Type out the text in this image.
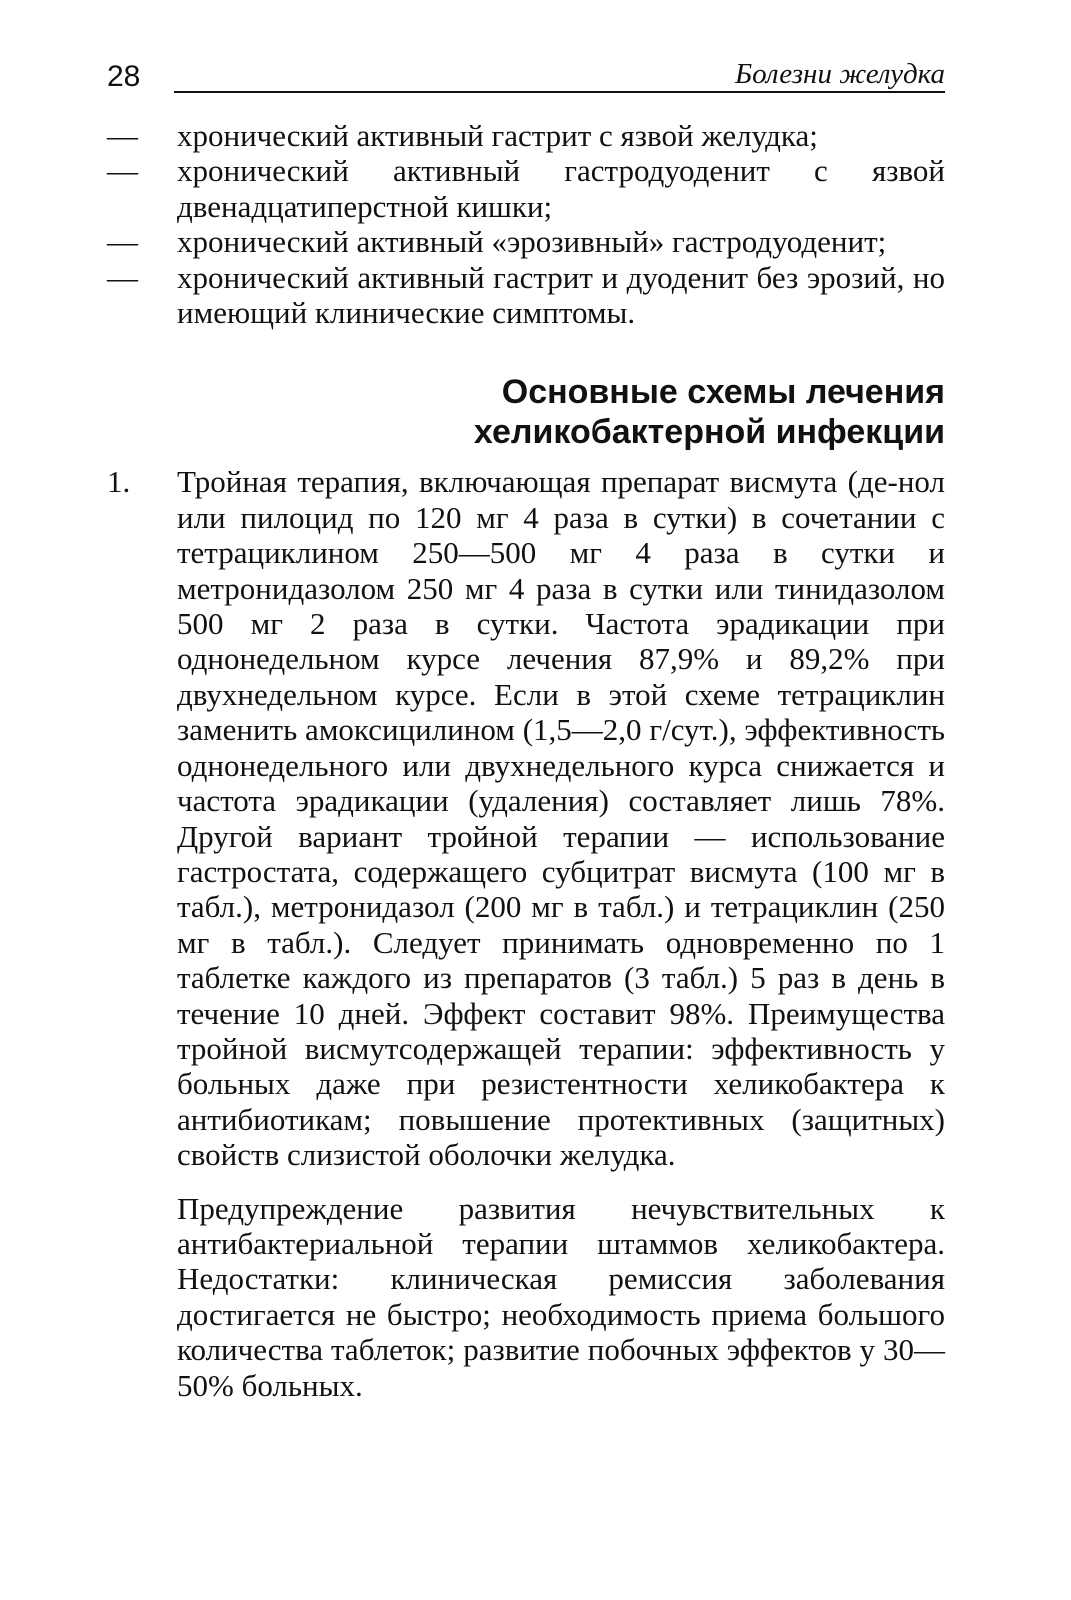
28	Болезни желудка
— хронический активный гастрит с язвой желудка;
— хронический активный гастродуоденит с язвой двенадцатиперстной кишки;
— хронический активный «эрозивный» гастродуоденит;
— хронический активный гастрит и дуоденит без эрозий, но имеющий клинические симптомы.
Основные схемы лечения
хеликобактерной инфекции
1. Тройная терапия, включающая препарат висмута (де-нол или пилоцид по 120 мг 4 раза в сутки) в сочетании с тетрациклином 250—500 мг 4 раза в сутки и метронидазолом 250 мг 4 раза в сутки или тинидазолом 500 мг 2 раза в сутки. Частота эрадикации при однонедельном курсе лечения 87,9% и 89,2% при двухнедельном курсе. Если в этой схеме тетрациклин заменить амоксицилином (1,5—2,0 г/сут.), эффективность однонедельного или двухнедельного курса снижается и частота эрадикации (удаления) составляет лишь 78%. Другой вариант тройной терапии — использование гастростата, содержащего субцитрат висмута (100 мг в табл.), метронидазол (200 мг в табл.) и тетрациклин (250 мг в табл.). Следует принимать одновременно по 1 таблетке каждого из препаратов (3 табл.) 5 раз в день в течение 10 дней. Эффект составит 98%. Преимущества тройной висмутсодержащей терапии: эффективность у больных даже при резистентности хеликобактера к антибиотикам; повышение протективных (защитных) свойств слизистой оболочки желудка.
Предупреждение развития нечувствительных к антибактериальной терапии штаммов хеликобактера. Недостатки: клиническая ремиссия заболевания достигается не быстро; необходимость приема большого количества таблеток; развитие побочных эффектов у 30—50% больных.
